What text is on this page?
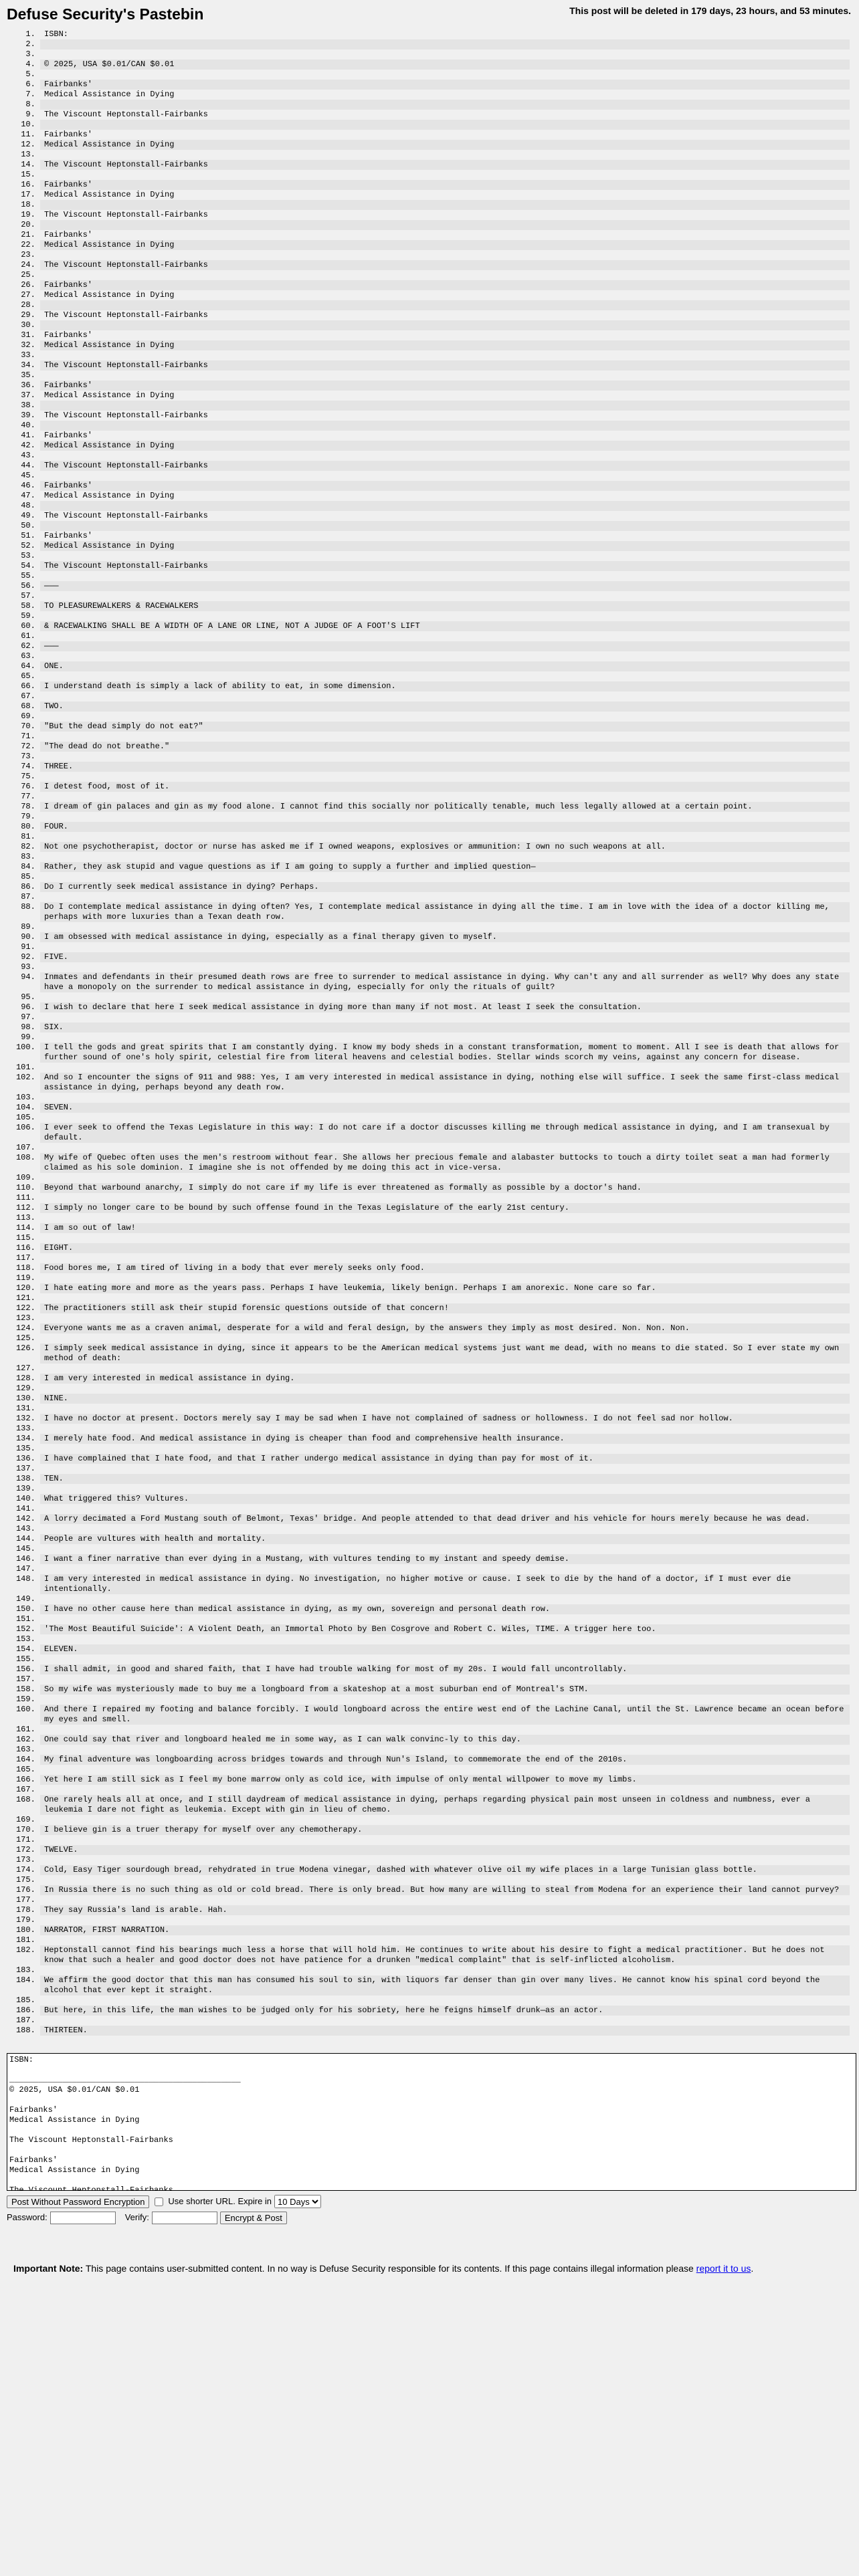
Defuse Security's Pastebin	This post will be deleted in 179 days, 23 hours, and 53 minutes.
1. ISBN:
2.
3.
4. © 2025, USA $0.01/CAN $0.01
5.
6. Fairbanks'
7. Medical Assistance in Dying
8.
9. The Viscount Heptonstall-Fairbanks
10.
11. Fairbanks'
12. Medical Assistance in Dying
13.
14. The Viscount Heptonstall-Fairbanks
15.
16. Fairbanks'
17. Medical Assistance in Dying
18.
19. The Viscount Heptonstall-Fairbanks
20.
21. Fairbanks'
22. Medical Assistance in Dying
23.
24. The Viscount Heptonstall-Fairbanks
25.
26. Fairbanks'
27. Medical Assistance in Dying
28.
29. The Viscount Heptonstall-Fairbanks
30.
31. Fairbanks'
32. Medical Assistance in Dying
33.
34. The Viscount Heptonstall-Fairbanks
35.
36. Fairbanks'
37. Medical Assistance in Dying
38.
39. The Viscount Heptonstall-Fairbanks
40.
41. Fairbanks'
42. Medical Assistance in Dying
43.
44. The Viscount Heptonstall-Fairbanks
45.
46. Fairbanks'
47. Medical Assistance in Dying
48.
49. The Viscount Heptonstall-Fairbanks
50.
51. Fairbanks'
52. Medical Assistance in Dying
53.
54. The Viscount Heptonstall-Fairbanks
55.
56. ———
57.
58. TO PLEASUREWALKERS & RACEWALKERS
59.
60. & RACEWALKING SHALL BE A WIDTH OF A LANE OR LINE, NOT A JUDGE OF A FOOT'S LIFT
61.
62. ———
63.
64. ONE.
65.
66. I understand death is simply a lack of ability to eat, in some dimension.
67.
68. TWO.
69.
70. "But the dead simply do not eat?"
71.
72. "The dead do not breathe."
73.
74. THREE.
75.
76. I detest food, most of it.
77.
78. I dream of gin palaces and gin as my food alone. I cannot find this socially nor politically tenable, much less legally allowed at a certain point.
79.
80. FOUR.
81.
82. Not one psychotherapist, doctor or nurse has asked me if I owned weapons, explosives or ammunition: I own no such weapons at all.
83.
84. Rather, they ask stupid and vague questions as if I am going to supply a further and implied question—
85.
86. Do I currently seek medical assistance in dying? Perhaps.
87.
88. Do I contemplate medical assistance in dying often? Yes, I contemplate medical assistance in dying all the time. I am in love with the idea of a doctor killing me, perhaps with more luxuries than a Texan death row.
89.
90. I am obsessed with medical assistance in dying, especially as a final therapy given to myself.
91.
92. FIVE.
93.
94. Inmates and defendants in their presumed death rows are free to surrender to medical assistance in dying. Why can't any and all surrender as well? Why does any state have a monopoly on the surrender to medical assistance in dying, especially for only the rituals of guilt?
95.
96. I wish to declare that here I seek medical assistance in dying more than many if not most. At least I seek the consultation.
97.
98. SIX.
99.
100. I tell the gods and great spirits that I am constantly dying. I know my body sheds in a constant transformation, moment to moment. All I see is death that allows for further sound of one's holy spirit, celestial fire from literal heavens and celestial bodies. Stellar winds scorch my veins, against any concern for disease.
101.
102. And so I encounter the signs of 911 and 988: Yes, I am very interested in medical assistance in dying, nothing else will suffice. I seek the same first-class medical assistance in dying, perhaps beyond any death row.
103.
104. SEVEN.
105.
106. I ever seek to offend the Texas Legislature in this way: I do not care if a doctor discusses killing me through medical assistance in dying, and I am transexual by default.
107.
108. My wife of Quebec often uses the men's restroom without fear. She allows her precious female and alabaster buttocks to touch a dirty toilet seat a man had formerly claimed as his sole dominion. I imagine she is not offended by me doing this act in vice-versa.
109.
110. Beyond that warbound anarchy, I simply do not care if my life is ever threatened as formally as possible by a doctor's hand.
111.
112. I simply no longer care to be bound by such offense found in the Texas Legislature of the early 21st century.
113.
114. I am so out of law!
115.
116. EIGHT.
117.
118. Food bores me, I am tired of living in a body that ever merely seeks only food.
119.
120. I hate eating more and more as the years pass. Perhaps I have leukemia, likely benign. Perhaps I am anorexic. None care so far.
121.
122. The practitioners still ask their stupid forensic questions outside of that concern!
123.
124. Everyone wants me as a craven animal, desperate for a wild and feral design, by the answers they imply as most desired. Non. Non. Non.
125.
126. I simply seek medical assistance in dying, since it appears to be the American medical systems just want me dead, with no means to die stated. So I ever state my own method of death:
127.
128. I am very interested in medical assistance in dying.
129.
130. NINE.
131.
132. I have no doctor at present. Doctors merely say I may be sad when I have not complained of sadness or hollowness. I do not feel sad nor hollow.
133.
134. I merely hate food. And medical assistance in dying is cheaper than food and comprehensive health insurance.
135.
136. I have complained that I hate food, and that I rather undergo medical assistance in dying than pay for most of it.
137.
138. TEN.
139.
140. What triggered this? Vultures.
141.
142. A lorry decimated a Ford Mustang south of Belmont, Texas' bridge. And people attended to that dead driver and his vehicle for hours merely because he was dead.
143.
144. People are vultures with health and mortality.
145.
146. I want a finer narrative than ever dying in a Mustang, with vultures tending to my instant and speedy demise.
147.
148. I am very interested in medical assistance in dying. No investigation, no higher motive or cause. I seek to die by the hand of a doctor, if I must ever die intentionally.
149.
150. I have no other cause here than medical assistance in dying, as my own, sovereign and personal death row.
151.
152. 'The Most Beautiful Suicide': A Violent Death, an Immortal Photo by Ben Cosgrove and Robert C. Wiles, TIME. A trigger here too.
153.
154. ELEVEN.
155.
156. I shall admit, in good and shared faith, that I have had trouble walking for most of my 20s. I would fall uncontrollably.
157.
158. So my wife was mysteriously made to buy me a longboard from a skateshop at a most suburban end of Montreal's STM.
159.
160. And there I repaired my footing and balance forcibly. I would longboard across the entire west end of the Lachine Canal, until the St. Lawrence became an ocean before my eyes and smell.
161.
162. One could say that river and longboard healed me in some way, as I can walk convinc-ly to this day.
163.
164. My final adventure was longboarding across bridges towards and through Nun's Island, to commemorate the end of the 2010s.
165.
166. Yet here I am still sick as I feel my bone marrow only as cold ice, with impulse of only mental willpower to move my limbs.
167.
168. One rarely heals all at once, and I still daydream of medical assistance in dying, perhaps regarding physical pain most unseen in coldness and numbness, ever a leukemia I dare not fight as leukemia. Except with gin in lieu of chemo.
169.
170. I believe gin is a truer therapy for myself over any chemotherapy.
171.
172. TWELVE.
173.
174. Cold, Easy Tiger sourdough bread, rehydrated in true Modena vinegar, dashed with whatever olive oil my wife places in a large Tunisian glass bottle.
175.
176. In Russia there is no such thing as old or cold bread. There is only bread. But how many are willing to steal from Modena for an experience their land cannot purvey?
177.
178. They say Russia's land is arable. Hah.
179.
180. NARRATOR, FIRST NARRATION.
181.
182. Heptonstall cannot find his bearings much less a horse that will hold him. He continues to write about his desire to fight a medical practitioner. But he does not know that such a healer and good doctor does not have patience for a drunken "medical complaint" that is self-inflicted alcoholism.
183.
184. We affirm the good doctor that this man has consumed his soul to sin, with liquors far denser than gin over many lives. He cannot know his spinal cord beyond the alcohol that ever kept it straight.
185.
186. But here, in this life, the man wishes to be judged only for his sobriety, here he feigns himself drunk—as an actor.
187.
188. THIRTEEN.
ISBN: ________________________________________________ © 2025, USA $0.01/CAN $0.01 Fairbanks' Medical Assistance in Dying The Viscount Heptonstall-Fairbanks Fairbanks' Medical Assistance in Dying The Viscount Heptonstall-Fairbanks
Post Without Password Encryption	Use shorter URL. Expire in
10 Days
Password:	Verify:	Encrypt & Post

Important Note: This page contains user-submitted content. In no way is Defuse Security responsible for its contents. If this page contains illegal information please report it to us.
